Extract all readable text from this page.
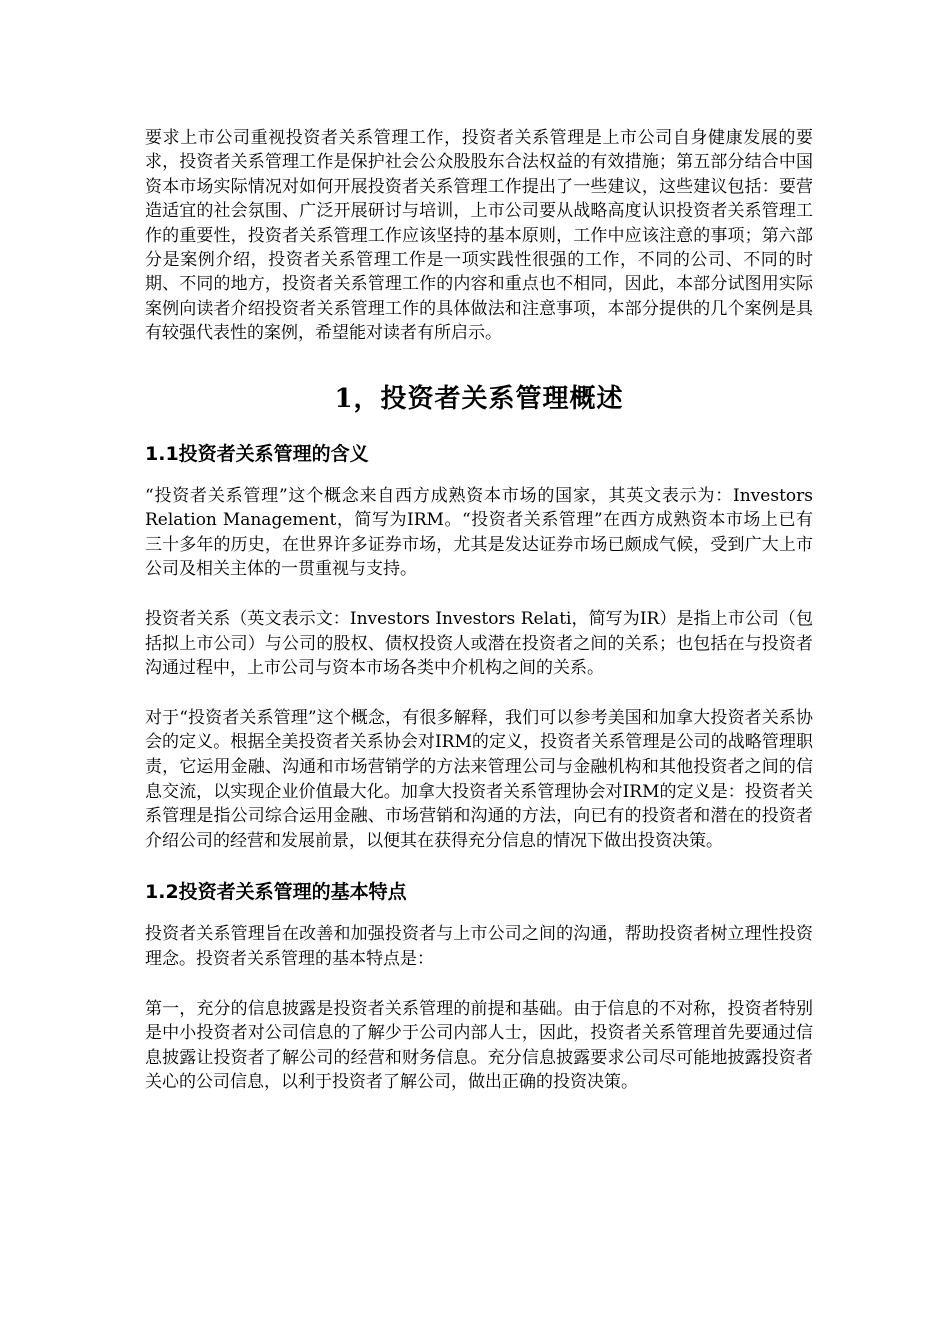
要求上市公司重视投资者关系管理工作，投资者关系管理是上市公司自身健康发展的要求，投资者关系管理工作是保护社会公众股股东合法权益的有效措施；第五部分结合中国资本市场实际情况对如何开展投资者关系管理工作提出了一些建议，这些建议包括：要营造适宜的社会氛围、广泛开展研讨与培训，上市公司要从战略高度认识投资者关系管理工作的重要性，投资者关系管理工作应该坚持的基本原则，工作中应该注意的事项；第六部分是案例介绍，投资者关系管理工作是一项实践性很强的工作，不同的公司、不同的时期、不同的地方，投资者关系管理工作的内容和重点也不相同，因此，本部分试图用实际案例向读者介绍投资者关系管理工作的具体做法和注意事项，本部分提供的几个案例是具有较强代表性的案例，希望能对读者有所启示。

1，投资者关系管理概述
1.1投资者关系管理的含义

“投资者关系管理”这个概念来自西方成熟资本市场的国家，其英文表示为：Investors Relation Management，简写为IRM。“投资者关系管理”在西方成熟资本市场上已有三十多年的历史，在世界许多证券市场，尤其是发达证券市场已颇成气候，受到广大上市公司及相关主体的一贯重视与支持。

投资者关系（英文表示文：Investors Investors Relati，简写为IR）是指上市公司（包括拟上市公司）与公司的股权、债权投资人或潜在投资者之间的关系；也包括在与投资者沟通过程中，上市公司与资本市场各类中介机构之间的关系。

对于“投资者关系管理”这个概念，有很多解释，我们可以参考美国和加拿大投资者关系协会的定义。根据全美投资者关系协会对IRM的定义，投资者关系管理是公司的战略管理职责，它运用金融、沟通和市场营销学的方法来管理公司与金融机构和其他投资者之间的信息交流，以实现企业价值最大化。加拿大投资者关系管理协会对IRM的定义是：投资者关系管理是指公司综合运用金融、市场营销和沟通的方法，向已有的投资者和潜在的投资者介绍公司的经营和发展前景，以便其在获得充分信息的情况下做出投资决策。

1.2投资者关系管理的基本特点

投资者关系管理旨在改善和加强投资者与上市公司之间的沟通，帮助投资者树立理性投资理念。投资者关系管理的基本特点是：

第一，充分的信息披露是投资者关系管理的前提和基础。由于信息的不对称，投资者特别是中小投资者对公司信息的了解少于公司内部人士，因此，投资者关系管理首先要通过信息披露让投资者了解公司的经营和财务信息。充分信息披露要求公司尽可能地披露投资者关心的公司信息，以利于投资者了解公司，做出正确的投资决策。
